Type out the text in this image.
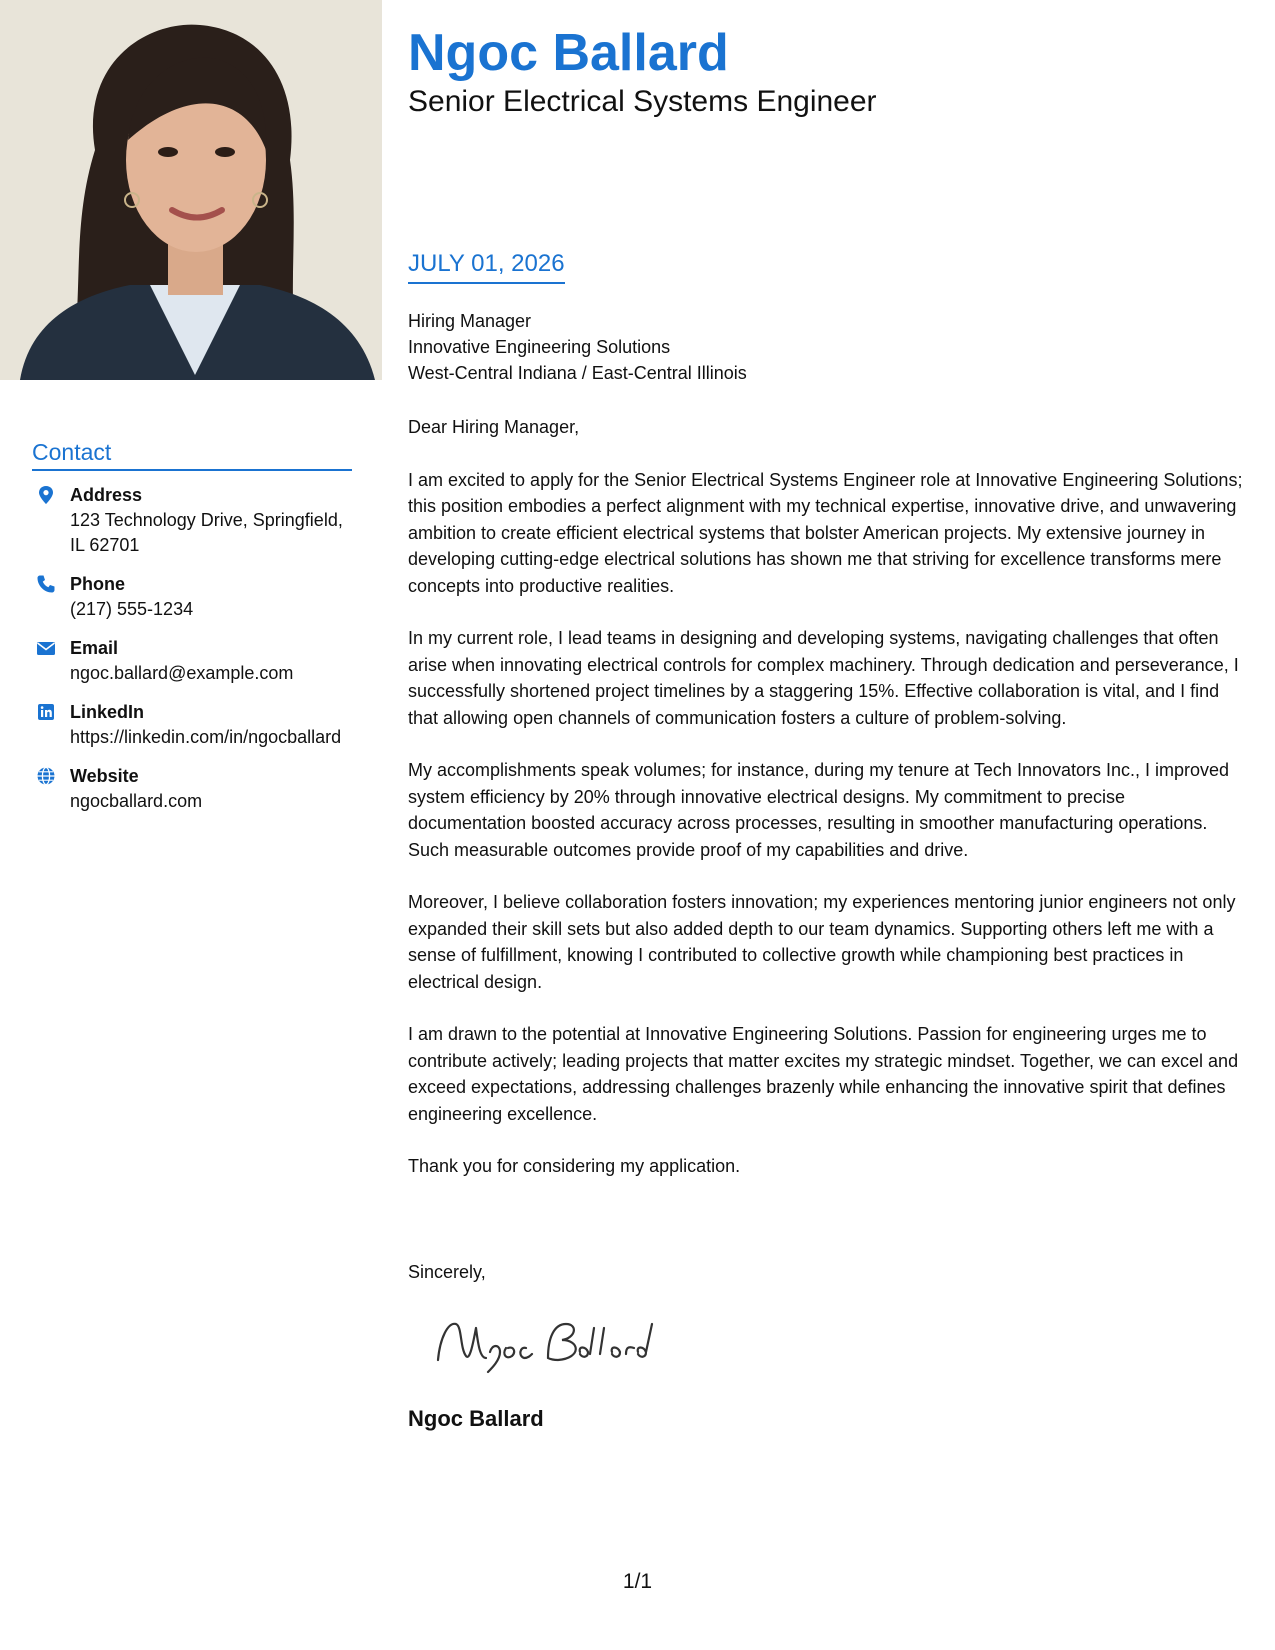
Contact
Address
123 Technology Drive, Springfield, IL 62701
Phone
(217) 555-1234
Email
ngoc.ballard@example.com
LinkedIn
https://linkedin.com/in/ngocballard
Website
ngocballard.com
Ngoc Ballard
Senior Electrical Systems Engineer
JULY 01, 2026
Hiring Manager
Innovative Engineering Solutions
West-Central Indiana / East-Central Illinois

Dear Hiring Manager,

I am excited to apply for the Senior Electrical Systems Engineer role at Innovative Engineering Solutions; this position embodies a perfect alignment with my technical expertise, innovative drive, and unwavering ambition to create efficient electrical systems that bolster American projects. My extensive journey in developing cutting-edge electrical solutions has shown me that striving for excellence transforms mere concepts into productive realities.

In my current role, I lead teams in designing and developing systems, navigating challenges that often arise when innovating electrical controls for complex machinery. Through dedication and perseverance, I successfully shortened project timelines by a staggering 15%. Effective collaboration is vital, and I find that allowing open channels of communication fosters a culture of problem-solving.

My accomplishments speak volumes; for instance, during my tenure at Tech Innovators Inc., I improved system efficiency by 20% through innovative electrical designs. My commitment to precise documentation boosted accuracy across processes, resulting in smoother manufacturing operations. Such measurable outcomes provide proof of my capabilities and drive.

Moreover, I believe collaboration fosters innovation; my experiences mentoring junior engineers not only expanded their skill sets but also added depth to our team dynamics. Supporting others left me with a sense of fulfillment, knowing I contributed to collective growth while championing best practices in electrical design.

I am drawn to the potential at Innovative Engineering Solutions. Passion for engineering urges me to contribute actively; leading projects that matter excites my strategic mindset. Together, we can excel and exceed expectations, addressing challenges brazenly while enhancing the innovative spirit that defines engineering excellence.

Thank you for considering my application.

Sincerely,
Ngoc Ballard
1/1
